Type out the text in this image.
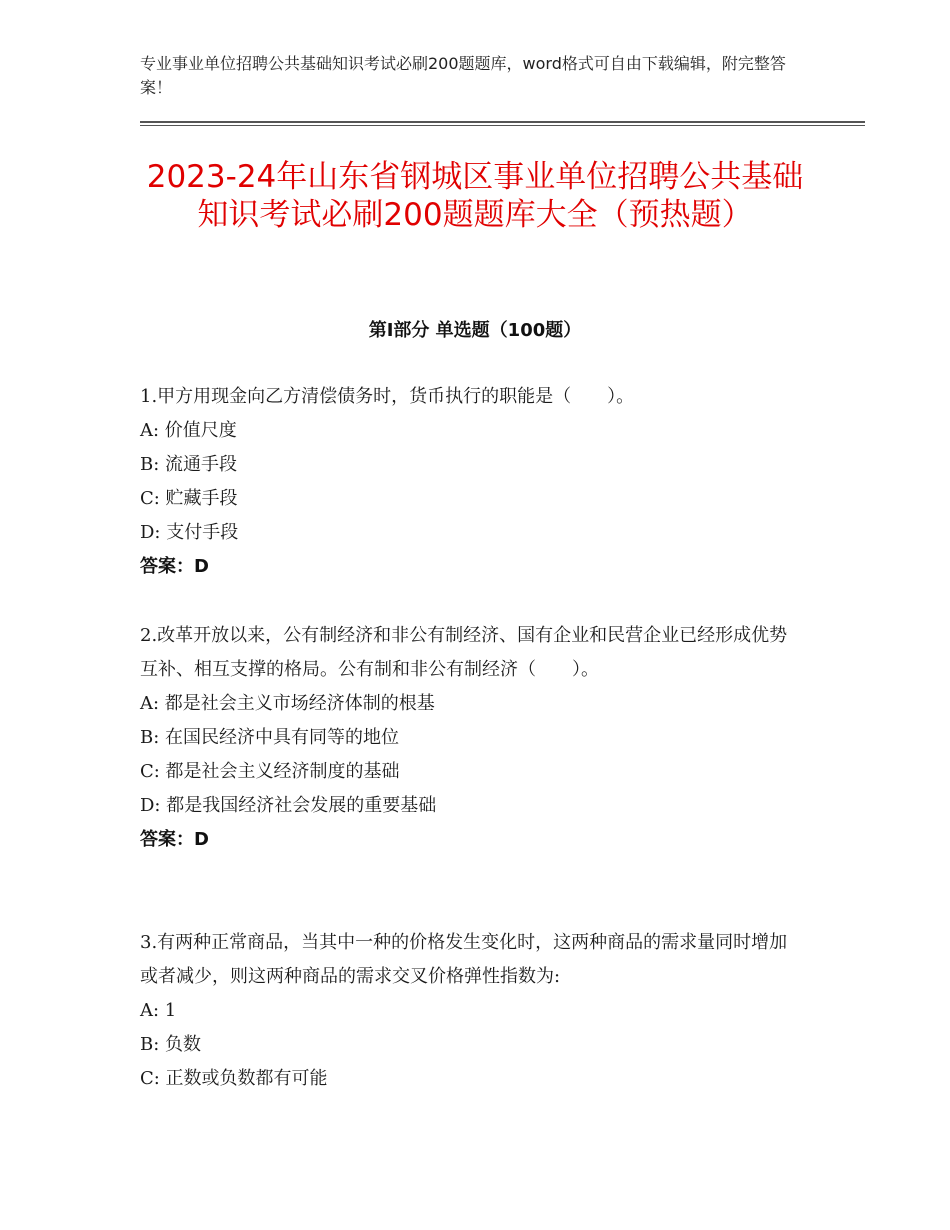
专业事业单位招聘公共基础知识考试必刷200题题库，word格式可自由下载编辑，附完整答案！
2023-24年山东省钢城区事业单位招聘公共基础知识考试必刷200题题库大全（预热题）
第Ⅰ部分 单选题（100题）

1.甲方用现金向乙方清偿债务时，货币执行的职能是（　　）。

A: 价值尺度

B: 流通手段

C: 贮藏手段

D: 支付手段

答案：D

2.改革开放以来，公有制经济和非公有制经济、国有企业和民营企业已经形成优势互补、相互支撑的格局。公有制和非公有制经济（　　）。

A: 都是社会主义市场经济体制的根基

B: 在国民经济中具有同等的地位

C: 都是社会主义经济制度的基础

D: 都是我国经济社会发展的重要基础

答案：D

3.有两种正常商品，当其中一种的价格发生变化时，这两种商品的需求量同时增加或者减少，则这两种商品的需求交叉价格弹性指数为:

A: 1

B: 负数

C: 正数或负数都有可能
